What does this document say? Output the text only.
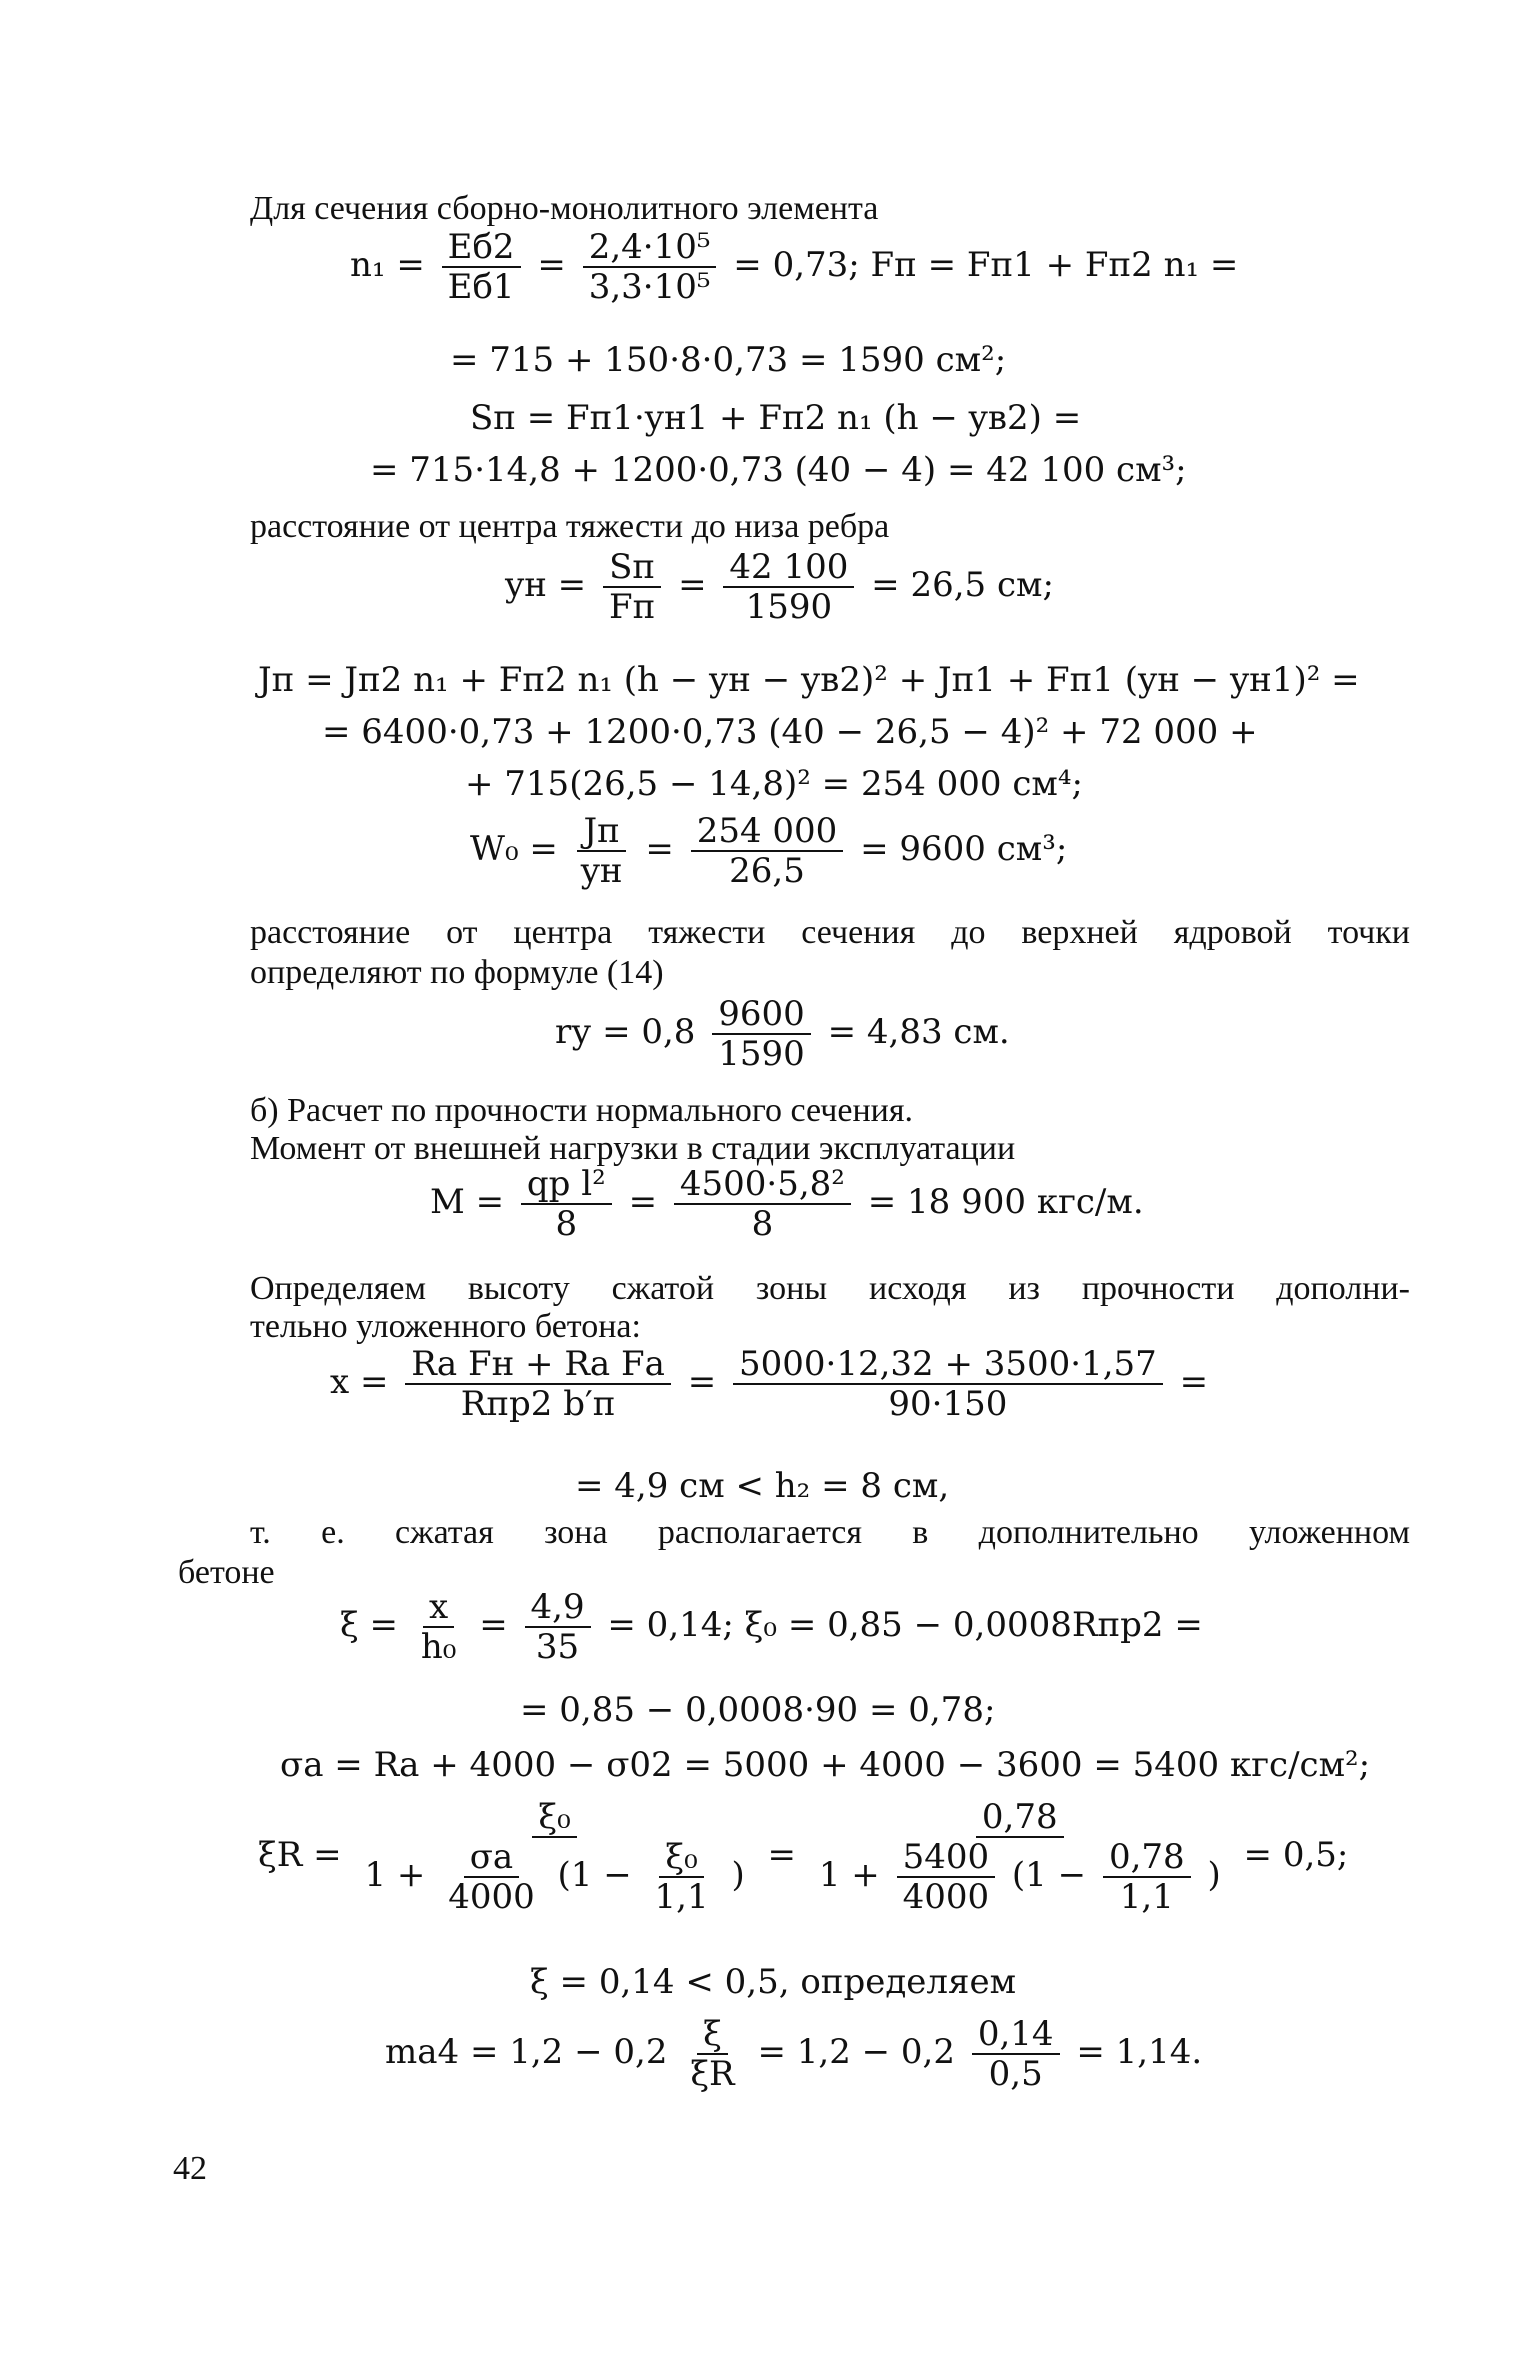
Для сечения сборно-монолитного элемента
$n_1 = \frac{Eб2}{Eб1} = \frac{\text{2,4·10⁵}}{\text{3,3·10⁵}} = 0,73$; Fп = Fп1 + Fп2 n₁ =
= 715 + 150·8·0,73 = 1590 см²;
Sп = Fп1·yн1 + Fп2 n₁ (h − yв2) =
= 715·14,8 + 1200·0,73 (40 − 4) = 42 100 см³;
расстояние от центра тяжести до низа ребра
yн = $\frac{Sп}{Fп} = \frac{42 100}{1590} = 26,5$ см;
Jп = Jп2 n₁ + Fп2 n₁ (h − yн − yв2)² + Jп1 + Fп1 (yн − yн1)² =
= 6400·0,73 + 1200·0,73 (40 − 26,5 − 4)² + 72 000 +
+ 715(26,5 − 14,8)² = 254 000 см⁴;
$W_0 = \frac{Jп}{yн} = \frac{254 000}{26,5} = 9600$ см³;
расстояние от центра тяжести сечения до верхней ядровой точки
определяют по формуле (14)
rу = $0,8 \frac{9600}{1590} = 4,83$ см.
б) Расчет по прочности нормального сечения.
Момент от внешней нагрузки в стадии эксплуатации
$M = \frac{\text{qр l²}}{8} = \frac{\text{4500·5,8²}}{8} = 18$ 900 кгс/м.
Определяем высоту сжатой зоны исходя из прочности дополни-
тельно уложенного бетона:
$x = \frac{\text{Rа Fн + Rа Fа}}{\text{Rпр2 b′п}} = \frac{5000\cdot 12,32 + 3500\cdot 1,57}{90\cdot 150}$ =
= 4,9 см < h₂ = 8 см,
т. е. сжатая зона располагается в дополнительно уложенном
бетоне
$\xi = \frac{x}{\text{h₀}} = \frac{4,9}{35} = 0,14$; ξ₀ = 0,85 − 0,0008Rпр2 =
= 0,85 − 0,0008·90 = 0,78;
σа = Rа + 4000 − σ02 = 5000 + 4000 − 3600 = 5400 кгс/см²;
$\xi R = \frac{\text{ξ₀}}{1 + \frac{\sigma а}{4000} (1 - \frac{\text{ξ₀}}{1,1} )} = \frac{0,78}{1 + \frac{5400}{4000} (1 - \frac{0,78}{1,1} )} = 0,5$;
ξ = 0,14 < 0,5, определяем
$mа4 = 1,2 - 0,2 \frac{\xi}{\xi R} = 1,2 - 0,2 \frac{0,14}{0,5} = 1,14$.
42
